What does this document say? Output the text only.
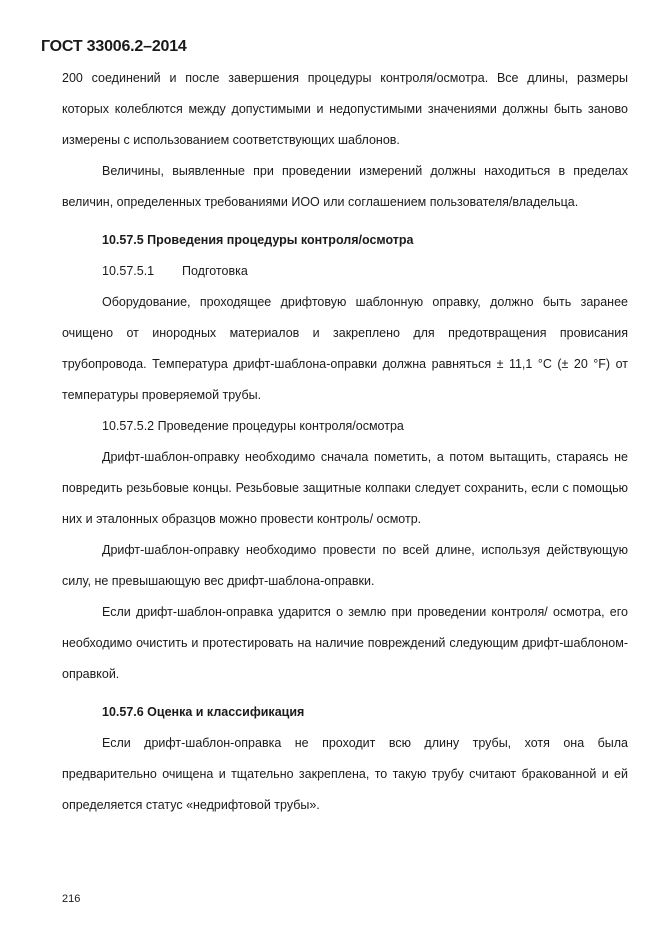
ГОСТ 33006.2–2014

200 соединений и после завершения процедуры контроля/осмотра. Все длины, размеры которых колеблются между допустимыми и недопустимыми значениями должны быть заново измерены с использованием соответствующих шаблонов.

Величины, выявленные при проведении измерений должны находиться в пределах величин, определенных требованиями ИОО или соглашением пользователя/владельца.

10.57.5 Проведения процедуры контроля/осмотра

10.57.5.1 Подготовка

Оборудование, проходящее дрифтовую шаблонную оправку, должно быть заранее очищено от инородных материалов и закреплено для предотвращения провисания трубопровода. Температура дрифт-шаблона-оправки должна равняться ± 11,1 °С (± 20 °F) от температуры проверяемой трубы.

10.57.5.2 Проведение процедуры контроля/осмотра

Дрифт-шаблон-оправку необходимо сначала пометить, а потом вытащить, стараясь не повредить резьбовые концы. Резьбовые защитные колпаки следует сохранить, если с помощью них и эталонных образцов можно провести контроль/ осмотр.

Дрифт-шаблон-оправку необходимо провести по всей длине, используя действующую силу, не превышающую вес дрифт-шаблона-оправки.

Если дрифт-шаблон-оправка ударится о землю при проведении контроля/ осмотра, его необходимо очистить и протестировать на наличие повреждений следующим дрифт-шаблоном-оправкой.

10.57.6 Оценка и классификация

Если дрифт-шаблон-оправка не проходит всю длину трубы, хотя она была предварительно очищена и тщательно закреплена, то такую трубу считают бракованной и ей определяется статус «недрифтовой трубы».

216
